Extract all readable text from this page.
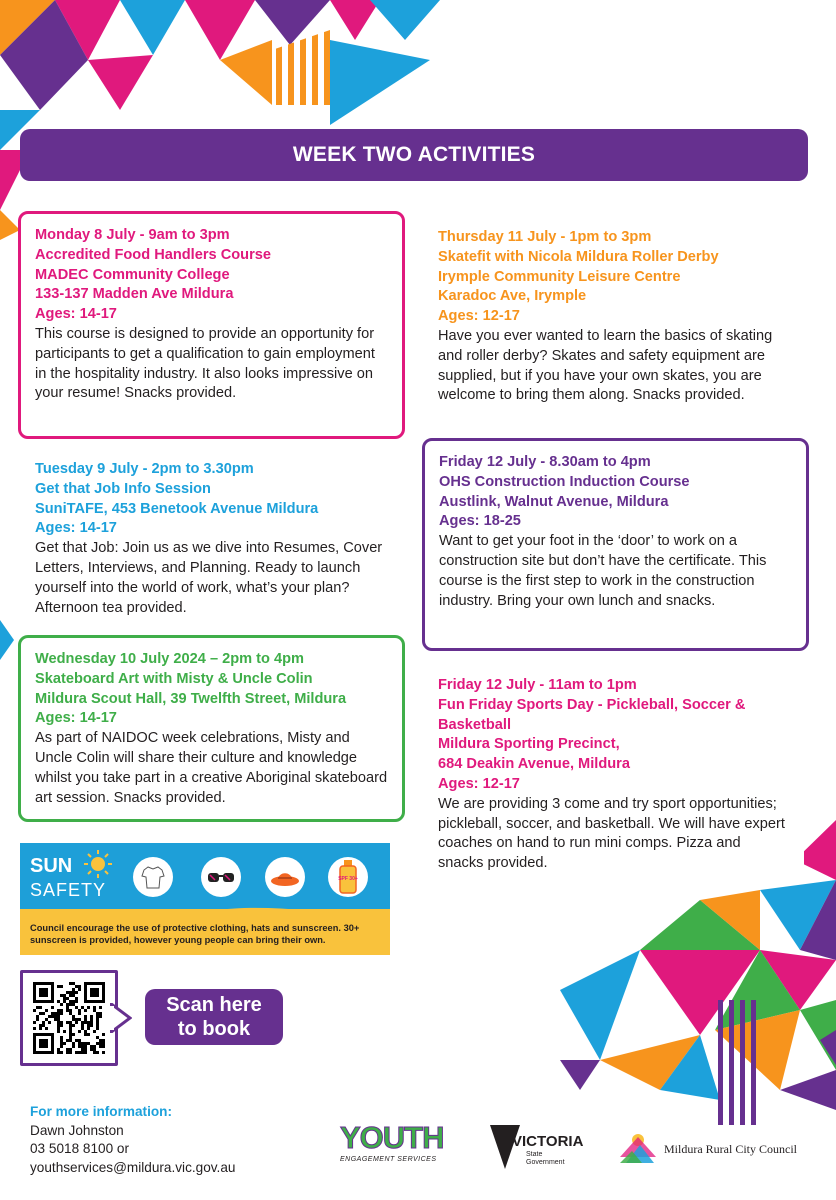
WEEK TWO ACTIVITIES
Monday 8 July - 9am to 3pm
Accredited Food Handlers Course
MADEC Community College
133-137 Madden Ave Mildura
Ages: 14-17
This course is designed to provide an opportunity for participants to get a qualification to gain employment in the hospitality industry. It also looks impressive on your resume! Snacks provided.
Thursday 11 July - 1pm to 3pm
Skatefit with Nicola Mildura Roller Derby
Irymple Community Leisure Centre
Karadoc Ave, Irymple
Ages: 12-17
Have you ever wanted to learn the basics of skating and roller derby? Skates and safety equipment are supplied, but if you have your own skates, you are welcome to bring them along. Snacks provided.
Tuesday 9 July - 2pm to 3.30pm
Get that Job Info Session
SuniTAFE, 453 Benetook Avenue Mildura
Ages: 14-17
Get that Job: Join us as we dive into Resumes, Cover Letters, Interviews, and Planning. Ready to launch yourself into the world of work, what’s your plan? Afternoon tea provided.
Friday 12 July - 8.30am to 4pm
OHS Construction Induction Course
Austlink, Walnut Avenue, Mildura
Ages: 18-25
Want to get your foot in the ‘door’ to work on a construction site but don’t have the certificate. This course is the first step to work in the construction industry. Bring your own lunch and snacks.
Wednesday 10 July 2024 – 2pm to 4pm
Skateboard Art with Misty & Uncle Colin
Mildura Scout Hall, 39 Twelfth Street, Mildura
Ages: 14-17
As part of NAIDOC week celebrations, Misty and Uncle Colin will share their culture and knowledge whilst you take part in a creative Aboriginal skateboard art session. Snacks provided.
Friday 12 July - 11am to 1pm
Fun Friday Sports Day - Pickleball, Soccer & Basketball
Mildura Sporting Precinct,
684 Deakin Avenue, Mildura
Ages: 12-17
We are providing 3 come and try sport opportunities; pickleball, soccer, and basketball. We will have expert coaches on hand to run mini comps. Pizza and snacks provided.
SUN
SAFETY
SPF 30+
Council encourage the use of protective clothing, hats and sunscreen. 30+ sunscreen is provided, however young people can bring their own.
Scan here
to book
For more information:
Dawn Johnston
03 5018 8100 or
youthservices@mildura.vic.gov.au
YOUTH
ENGAGEMENT SERVICES
VICTORIA
State
Government
Mildura Rural City Council
